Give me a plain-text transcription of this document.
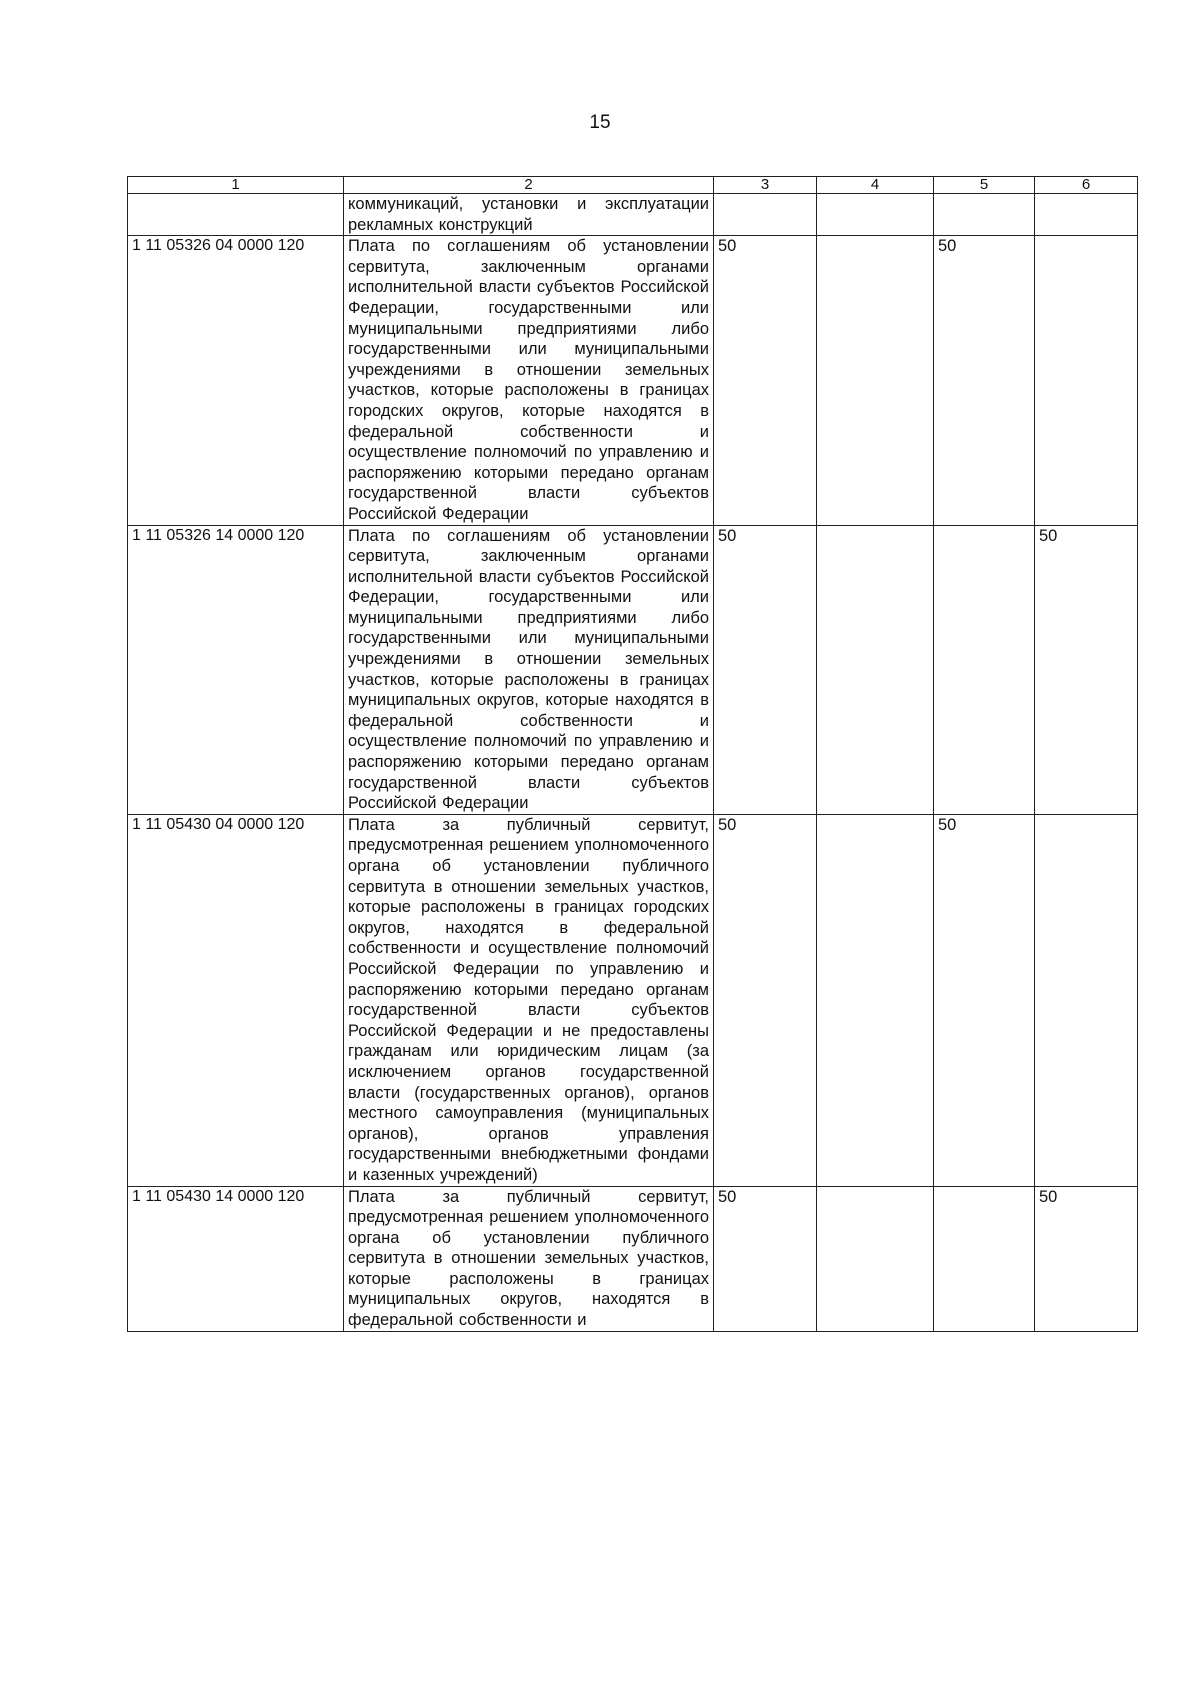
15
1	2	3	4	5	6
	коммуникаций, установки и эксплуатации рекламных конструкций				
1 11 05326 04 0000 120	Плата по соглашениям об установлении сервитута, заключенным органами исполнительной власти субъектов Российской Федерации, государственными или муниципальными предприятиями либо государственными или муниципальными учреждениями в отношении земельных участков, которые расположены в границах городских округов, которые находятся в федеральной собственности и осуществление полномочий по управлению и распоряжению которыми передано органам государственной власти субъектов Российской Федерации	50		50	
1 11 05326 14 0000 120	Плата по соглашениям об установлении сервитута, заключенным органами исполнительной власти субъектов Российской Федерации, государственными или муниципальными предприятиями либо государственными или муниципальными учреждениями в отношении земельных участков, которые расположены в границах муниципальных округов, которые находятся в федеральной собственности и осуществление полномочий по управлению и распоряжению которыми передано органам государственной власти субъектов Российской Федерации	50			50
1 11 05430 04 0000 120	Плата за публичный сервитут, предусмотренная решением уполномоченного органа об установлении публичного сервитута в отношении земельных участков, которые расположены в границах городских округов, находятся в федеральной собственности и осуществление полномочий Российской Федерации по управлению и распоряжению которыми передано органам государственной власти субъектов Российской Федерации и не предоставлены гражданам или юридическим лицам (за исключением органов государственной власти (государственных органов), органов местного самоуправления (муниципальных органов), органов управления государственными внебюджетными фондами и казенных учреждений)	50		50	
1 11 05430 14 0000 120	Плата за публичный сервитут, предусмотренная решением уполномоченного органа об установлении публичного сервитута в отношении земельных участков, которые расположены в границах муниципальных округов, находятся в федеральной собственности и	50			50
